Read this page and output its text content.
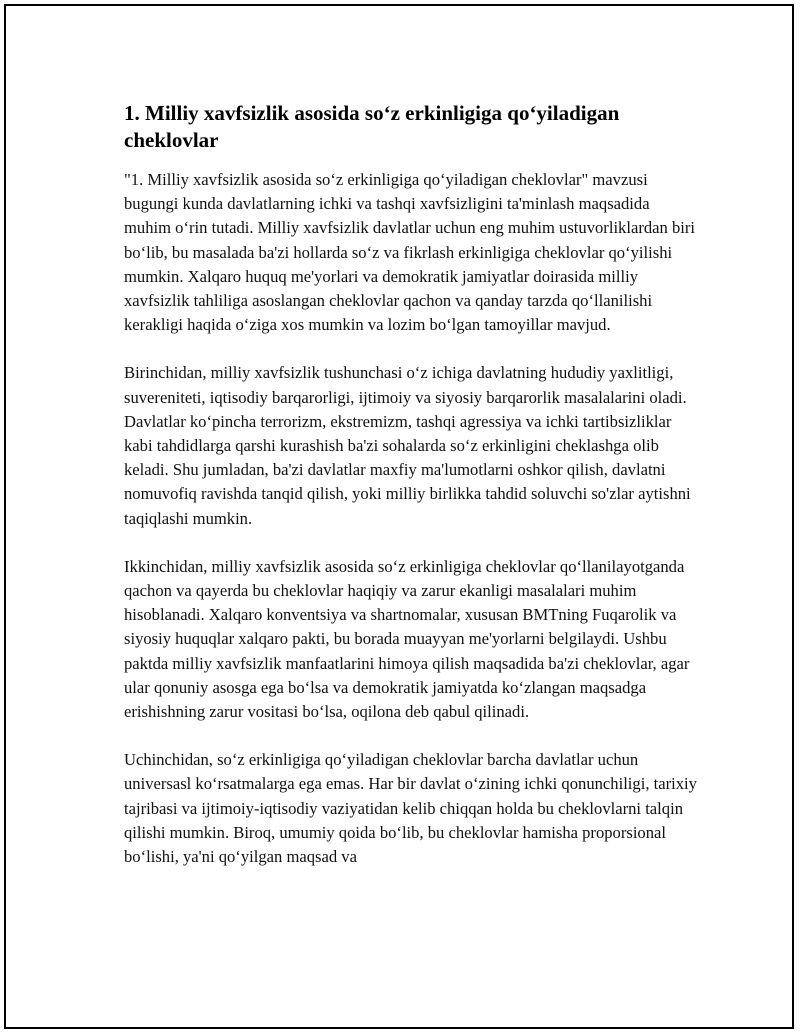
1. Milliy xavfsizlik asosida so‘z erkinligiga qo‘yiladigan cheklovlar

"1. Milliy xavfsizlik asosida so‘z erkinligiga qo‘yiladigan cheklovlar" mavzusi bugungi kunda davlatlarning ichki va tashqi xavfsizligini ta'minlash maqsadida muhim o‘rin tutadi. Milliy xavfsizlik davlatlar uchun eng muhim ustuvorliklardan biri bo‘lib, bu masalada ba'zi hollarda so‘z va fikrlash erkinligiga cheklovlar qo‘yilishi mumkin. Xalqaro huquq me'yorlari va demokratik jamiyatlar doirasida milliy xavfsizlik tahliliga asoslangan cheklovlar qachon va qanday tarzda qo‘llanilishi kerakligi haqida o‘ziga xos mumkin va lozim bo‘lgan tamoyillar mavjud.

Birinchidan, milliy xavfsizlik tushunchasi o‘z ichiga davlatning hududiy yaxlitligi, suvereniteti, iqtisodiy barqarorligi, ijtimoiy va siyosiy barqarorlik masalalarini oladi. Davlatlar ko‘pincha terrorizm, ekstremizm, tashqi agressiya va ichki tartibsizliklar kabi tahdidlarga qarshi kurashish ba'zi sohalarda so‘z erkinligini cheklashga olib keladi. Shu jumladan, ba'zi davlatlar maxfiy ma'lumotlarni oshkor qilish, davlatni nomuvofiq ravishda tanqid qilish, yoki milliy birlikka tahdid soluvchi so'zlar aytishni taqiqlashi mumkin.

Ikkinchidan, milliy xavfsizlik asosida so‘z erkinligiga cheklovlar qo‘llanilayotganda qachon va qayerda bu cheklovlar haqiqiy va zarur ekanligi masalalari muhim hisoblanadi. Xalqaro konventsiya va shartnomalar, xususan BMTning Fuqarolik va siyosiy huquqlar xalqaro pakti, bu borada muayyan me'yorlarni belgilaydi. Ushbu paktda milliy xavfsizlik manfaatlarini himoya qilish maqsadida ba'zi cheklovlar, agar ular qonuniy asosga ega bo‘lsa va demokratik jamiyatda ko‘zlangan maqsadga erishishning zarur vositasi bo‘lsa, oqilona deb qabul qilinadi.

Uchinchidan, so‘z erkinligiga qo‘yiladigan cheklovlar barcha davlatlar uchun universasl ko‘rsatmalarga ega emas. Har bir davlat o‘zining ichki qonunchiligi, tarixiy tajribasi va ijtimoiy-iqtisodiy vaziyatidan kelib chiqqan holda bu cheklovlarni talqin qilishi mumkin. Biroq, umumiy qoida bo‘lib, bu cheklovlar hamisha proporsional bo‘lishi, ya'ni qo‘yilgan maqsad va
